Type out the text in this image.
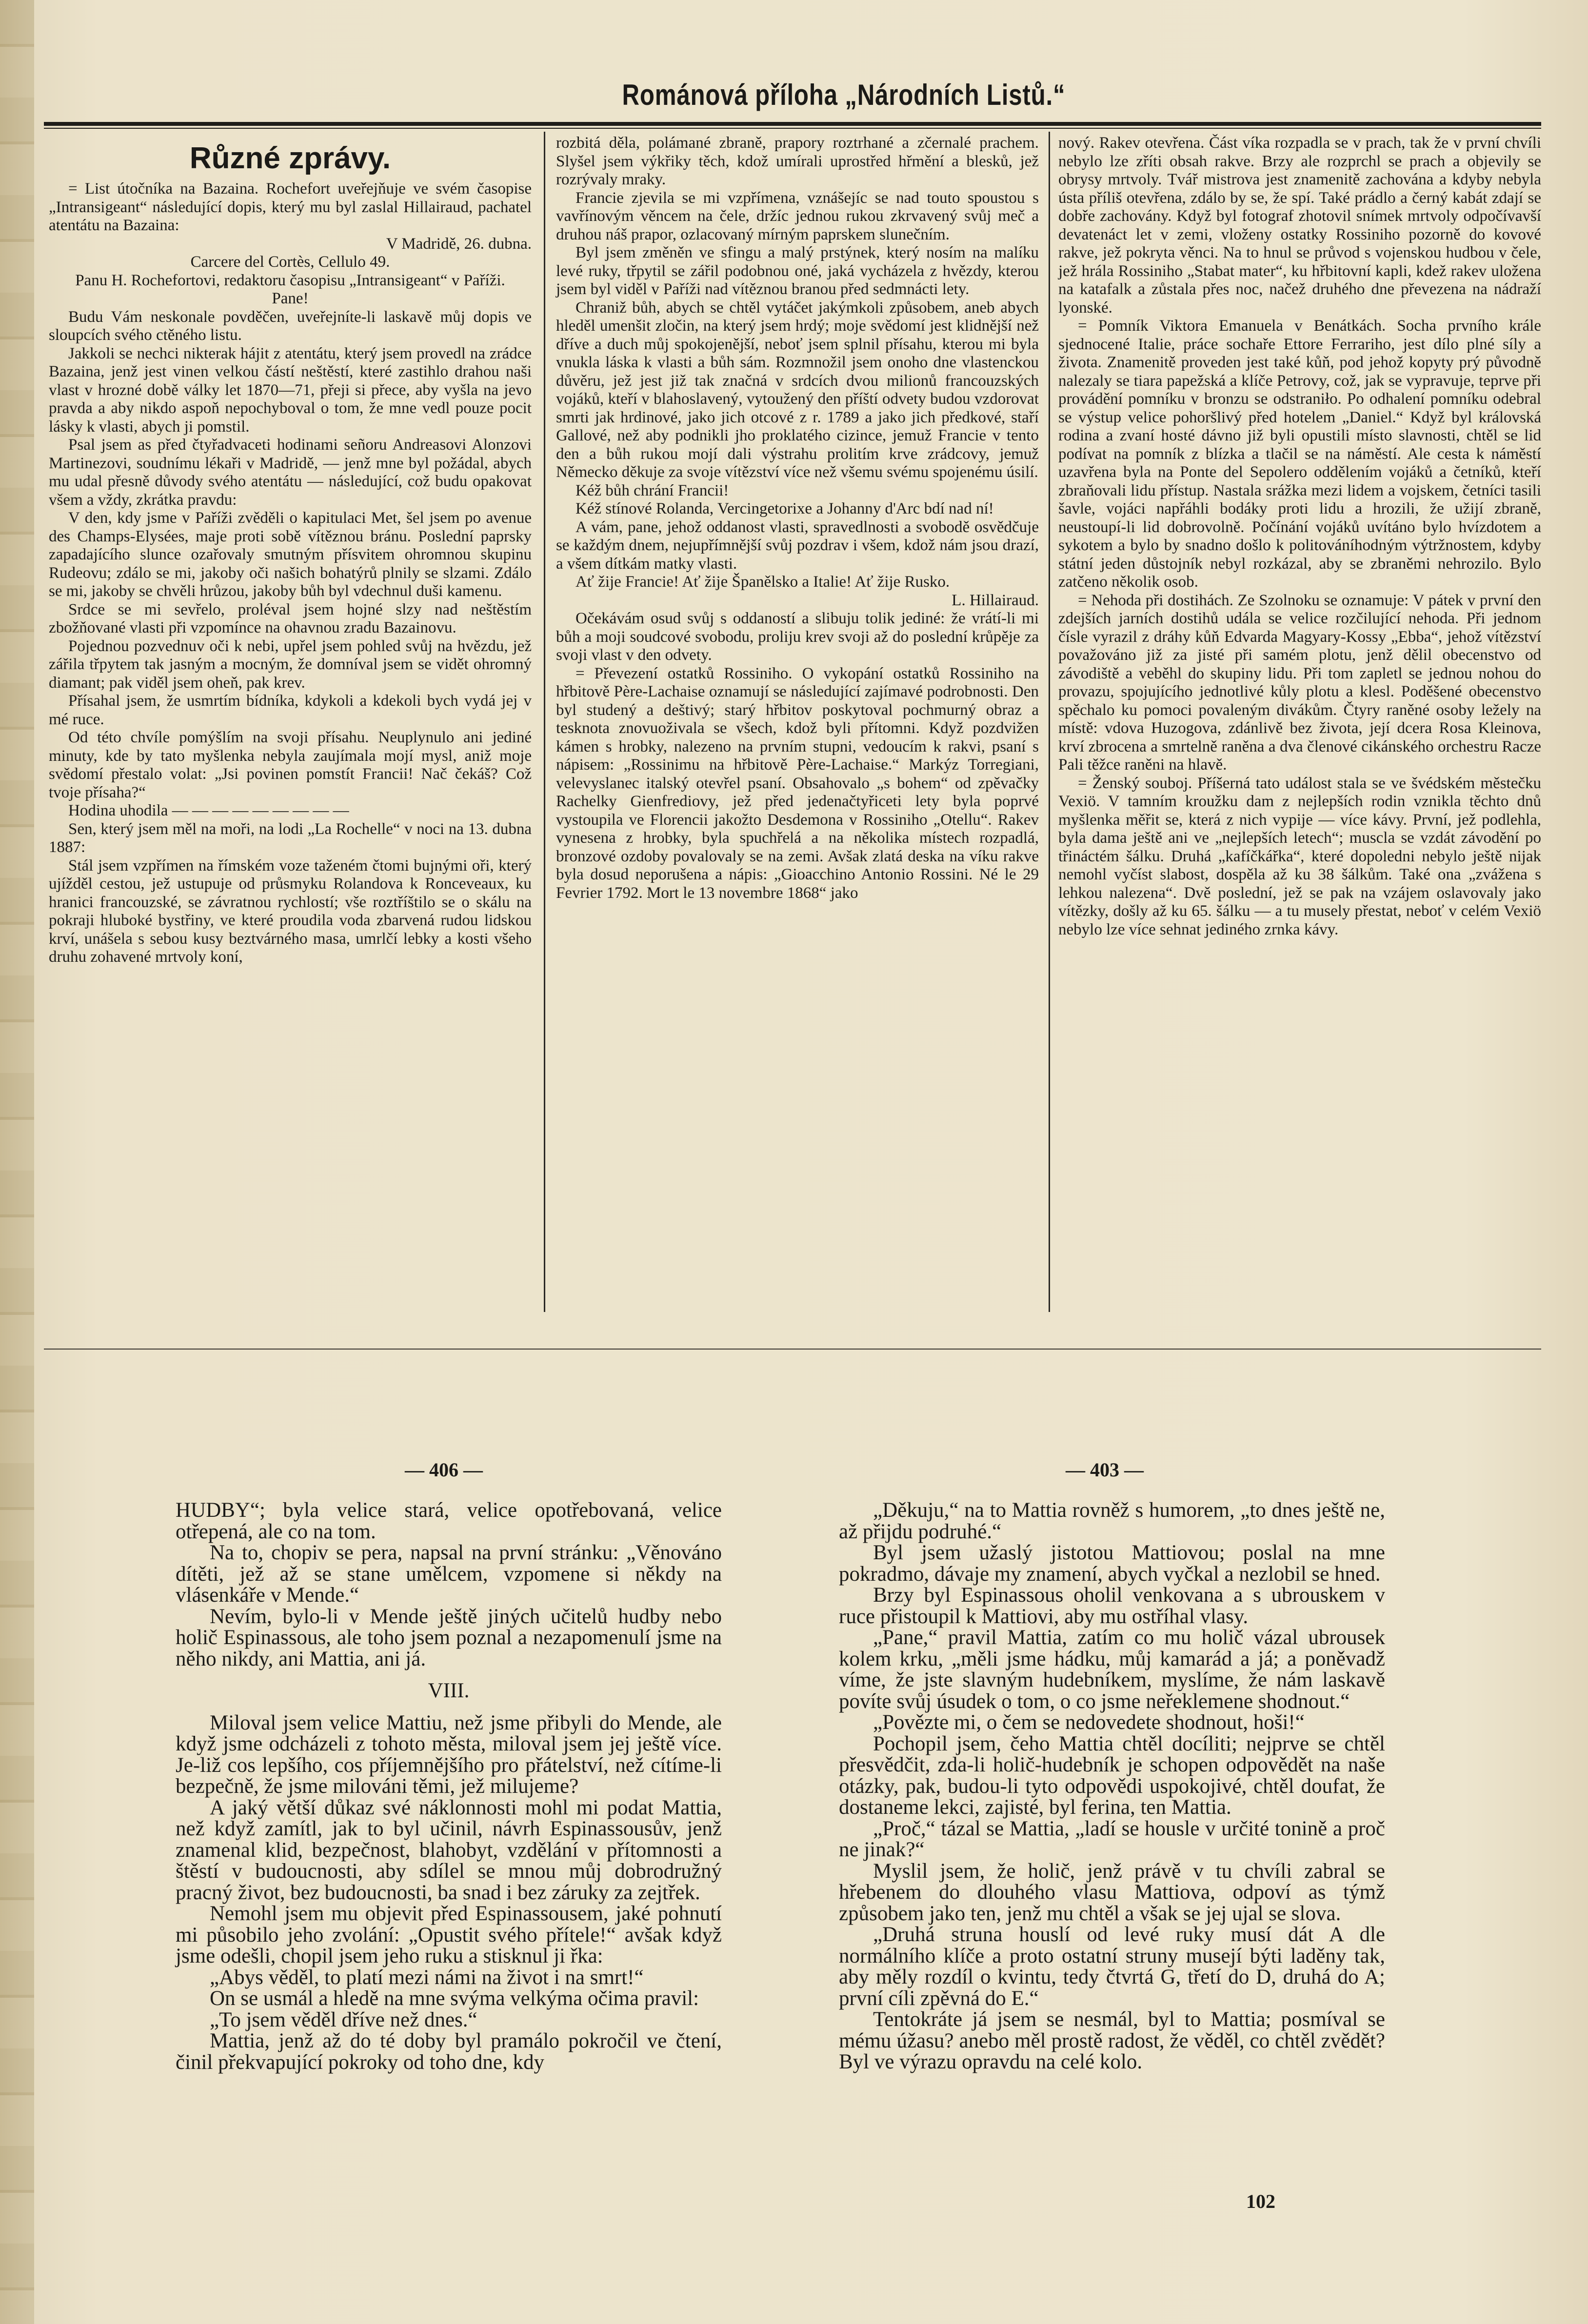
Románová příloha „Národních Listů.“
Různé zprávy.

= List útočníka na Bazaina. Rochefort uveřejňuje ve svém časopise „Intransigeant“ následující dopis, který mu byl zaslal Hillairaud, pachatel atentátu na Bazaina:

V Madridě, 26. dubna.

Carcere del Cortès, Cellulo 49.

Panu H. Rochefortovi, redaktoru časopisu „Intransigeant“ v Paříži.

Pane!

Budu Vám neskonale povděčen, uveřejníte-li laskavě můj dopis ve sloupcích svého ctěného listu.

Jakkoli se nechci nikterak hájit z atentátu, který jsem provedl na zrádce Bazaina, jenž jest vinen velkou částí neštěstí, které zastihlo drahou naši vlast v hrozné době války let 1870—71, přeji si přece, aby vyšla na jevo pravda a aby nikdo aspoň nepochyboval o tom, že mne vedl pouze pocit lásky k vlasti, abych ji pomstil.

Psal jsem as před čtyřadvaceti hodinami señoru Andreasovi Alonzovi Martinezovi, soudnímu lékaři v Madridě, — jenž mne byl požádal, abych mu udal přesně důvody svého atentátu — následující, což budu opakovat všem a vždy, zkrátka pravdu:

V den, kdy jsme v Paříži zvěděli o kapitulaci Met, šel jsem po avenue des Champs-Elysées, maje proti sobě vítěznou bránu. Poslední paprsky zapadajícího slunce ozařovaly smutným přísvitem ohromnou skupinu Rudeovu; zdálo se mi, jakoby oči našich bohatýrů plnily se slzami. Zdálo se mi, jakoby se chvěli hrůzou, jakoby bůh byl vdechnul duši kamenu.

Srdce se mi sevřelo, proléval jsem hojné slzy nad neštěstím zbožňované vlasti při vzpomínce na ohavnou zradu Bazainovu.

Pojednou pozvednuv oči k nebi, upřel jsem pohled svůj na hvězdu, jež zářila třpytem tak jasným a mocným, že domníval jsem se vidět ohromný diamant; pak viděl jsem oheň, pak krev.

Přísahal jsem, že usmrtím bídníka, kdykoli a kdekoli bych vydá jej v mé ruce.

Od této chvíle pomýšlím na svoji přísahu. Neuplynulo ani jediné minuty, kde by tato myšlenka nebyla zaujímala mojí mysl, aniž moje svědomí přestalo volat: „Jsi povinen pomstít Francii! Nač čekáš? Což tvoje přísaha?“

Hodina uhodila — — — — — — — — —

Sen, který jsem měl na moři, na lodi „La Rochelle“ v noci na 13. dubna 1887:

Stál jsem vzpřímen na římském voze taženém čtomi bujnými oři, který ujížděl cestou, jež ustupuje od průsmyku Rolandova k Ronceveaux, ku hranici francouzské, se závratnou rychlostí; vše roztříštilo se o skálu na pokraji hluboké bystřiny, ve které proudila voda zbarvená rudou lidskou krví, unášela s sebou kusy beztvárného masa, umrlčí lebky a kosti všeho druhu zohavené mrtvoly koní,

rozbitá děla, polámané zbraně, prapory roztrhané a zčernalé prachem. Slyšel jsem výkřiky těch, kdož umírali uprostřed hřmění a blesků, jež rozrývaly mraky.

Francie zjevila se mi vzpřímena, vznášejíc se nad touto spoustou s vavřínovým věncem na čele, držíc jednou rukou zkrvavený svůj meč a druhou náš prapor, ozlacovaný mírným paprskem slunečním.

Byl jsem změněn ve sfingu a malý prstýnek, který nosím na malíku levé ruky, třpytil se zářil podobnou oné, jaká vycházela z hvězdy, kterou jsem byl viděl v Paříži nad vítěznou branou před sedmnácti lety.

Chraniž bůh, abych se chtěl vytáčet jakýmkoli způsobem, aneb abych hleděl umenšit zločin, na který jsem hrdý; moje svědomí jest klidnější než dříve a duch můj spokojenější, neboť jsem splnil přísahu, kterou mi byla vnukla láska k vlasti a bůh sám. Rozmnožil jsem onoho dne vlastenckou důvěru, jež jest již tak značná v srdcích dvou milionů francouzských vojáků, kteří v blahoslavený, vytoužený den příští odvety budou vzdorovat smrti jak hrdinové, jako jich otcové z r. 1789 a jako jich předkové, staří Gallové, než aby podnikli jho proklatého cizince, jemuž Francie v tento den a bůh rukou mojí dali výstrahu prolitím krve zrádcovy, jemuž Německo děkuje za svoje vítězství více než všemu svému spojenému úsilí.

Kéž bůh chrání Francii!

Kéž stínové Rolanda, Vercingetorixe a Johanny d'Arc bdí nad ní!

A vám, pane, jehož oddanost vlasti, spravedlnosti a svobodě osvědčuje se každým dnem, nejupřímnější svůj pozdrav i všem, kdož nám jsou drazí, a všem dítkám matky vlasti.

Ať žije Francie! Ať žije Španělsko a Italie! Ať žije Rusko.

L. Hillairaud.

Očekávám osud svůj s oddaností a slibuju tolik jediné: že vrátí-li mi bůh a moji soudcové svobodu, proliju krev svoji až do poslední krůpěje za svoji vlast v den odvety.

= Převezení ostatků Rossiniho. O vykopání ostatků Rossiniho na hřbitově Père-Lachaise oznamují se následující zajímavé podrobnosti. Den byl studený a deštivý; starý hřbitov poskytoval pochmurný obraz a tesknota znovuoživala se všech, kdož byli přítomni. Když pozdvižen kámen s hrobky, nalezeno na prvním stupni, vedoucím k rakvi, psaní s nápisem: „Rossinimu na hřbitově Père-Lachaise.“ Markýz Torregiani, velevyslanec italský otevřel psaní. Obsahovalo „s bohem“ od zpěvačky Rachelky Gienfrediovy, jež před jedenačtyřiceti lety byla poprvé vystoupila ve Florencii jakožto Desdemona v Rossiniho „Otellu“. Rakev vynesena z hrobky, byla spuchřelá a na několika místech rozpadlá, bronzové ozdoby povalovaly se na zemi. Avšak zlatá deska na víku rakve byla dosud neporušena a nápis: „Gioacchino Antonio Rossini. Né le 29 Fevrier 1792. Mort le 13 novembre 1868“ jako

nový. Rakev otevřena. Část víka rozpadla se v prach, tak že v první chvíli nebylo lze zříti obsah rakve. Brzy ale rozprchl se prach a objevily se obrysy mrtvoly. Tvář mistrova jest znamenitě zachována a kdyby nebyla ústa příliš otevřena, zdálo by se, že spí. Také prádlo a černý kabát zdají se dobře zachovány. Když byl fotograf zhotovil snímek mrtvoly odpočívavší devatenáct let v zemi, vloženy ostatky Rossiniho pozorně do kovové rakve, jež pokryta věnci. Na to hnul se průvod s vojenskou hudbou v čele, jež hrála Rossiniho „Stabat mater“, ku hřbitovní kapli, kdež rakev uložena na katafalk a zůstala přes noc, načež druhého dne převezena na nádraží lyonské.

= Pomník Viktora Emanuela v Benátkách. Socha prvního krále sjednocené Italie, práce sochaře Ettore Ferrariho, jest dílo plné síly a života. Znamenitě proveden jest také kůň, pod jehož kopyty prý původně nalezaly se tiara papežská a klíče Petrovy, což, jak se vypravuje, teprve při provádění pomníku v bronzu se odstraniło. Po odhalení pomníku odebral se výstup velice pohoršlivý před hotelem „Daniel.“ Když byl královská rodina a zvaní hosté dávno již byli opustili místo slavnosti, chtěl se lid podívat na pomník z blízka a tlačil se na náměstí. Ale cesta k náměstí uzavřena byla na Ponte del Sepolero oddělením vojáků a četníků, kteří zbraňovali lidu přístup. Nastala srážka mezi lidem a vojskem, četníci tasili šavle, vojáci napřáhli bodáky proti lidu a hrozili, že užijí zbraně, neustoupí-li lid dobrovolně. Počínání vojáků uvítáno bylo hvízdotem a sykotem a bylo by snadno došlo k politováníhodným výtržnostem, kdyby státní jeden důstojník nebyl rozkázal, aby se zbraněmi nehrozilo. Bylo zatčeno několik osob.

= Nehoda při dostihách. Ze Szolnoku se oznamuje: V pátek v první den zdejších jarních dostihů udála se velice rozčilující nehoda. Při jednom čísle vyrazil z dráhy kůň Edvarda Magyary-Kossy „Ebba“, jehož vítězství považováno již za jisté při samém plotu, jenž dělil obecenstvo od závodiště a veběhl do skupiny lidu. Při tom zapletl se jednou nohou do provazu, spojujícího jednotlivé kůly plotu a klesl. Poděšené obecenstvo spěchalo ku pomoci povaleným divákům. Čtyry raněné osoby ležely na místě: vdova Huzogova, zdánlivě bez života, její dcera Rosa Kleinova, krví zbrocena a smrtelně raněna a dva členové cikánského orchestru Racze Pali těžce raněni na hlavě.

= Ženský souboj. Příšerná tato událost stala se ve švédském městečku Vexiö. V tamním kroužku dam z nejlepších rodin vznikla těchto dnů myšlenka měřit se, která z nich vypije — více kávy. První, jež podlehla, byla dama ještě ani ve „nejlepších letech“; muscla se vzdát závodění po třináctém šálku. Druhá „kafíčkářka“, které dopoledni nebylo ještě nijak nemohl vyčíst slabost, dospěla až ku 38 šálkům. Také ona „zvážena s lehkou nalezena“. Dvě poslední, jež se pak na vzájem oslavovaly jako vítězky, došly až ku 65. šálku — a tu musely přestat, neboť v celém Vexiö nebylo lze více sehnat jediného zrnka kávy.

— 406 —	— 403 —

HUDBY“; byla velice stará, velice opotřebovaná, velice otřepená, ale co na tom.

Na to, chopiv se pera, napsal na první stránku: „Věnováno dítěti, jež až se stane umělcem, vzpomene si někdy na vlásenkáře v Mende.“

Nevím, bylo-li v Mende ještě jiných učitelů hudby nebo holič Espinassous, ale toho jsem poznal a nezapomenulí jsme na něho nikdy, ani Mattia, ani já.

VIII.

Miloval jsem velice Mattiu, než jsme přibyli do Mende, ale když jsme odcházeli z tohoto města, miloval jsem jej ještě více. Je-liž cos lepšího, cos příjemnějšího pro přátelství, než cítíme-li bezpečně, že jsme milováni těmi, jež milujeme?

A jaký větší důkaz své náklonnosti mohl mi podat Mattia, než když zamítl, jak to byl učinil, návrh Espinassousův, jenž znamenal klid, bezpečnost, blahobyt, vzdělání v přítomnosti a štěstí v budoucnosti, aby sdílel se mnou můj dobrodružný pracný život, bez budoucnosti, ba snad i bez záruky za zejtřek.

Nemohl jsem mu objevit před Espinassousem, jaké pohnutí mi působilo jeho zvolání: „Opustit svého přítele!“ avšak když jsme odešli, chopil jsem jeho ruku a stisknul ji řka:

„Abys věděl, to platí mezi námi na život i na smrt!“

On se usmál a hledě na mne svýma velkýma očima pravil:

„To jsem věděl dříve než dnes.“

Mattia, jenž až do té doby byl pramálo pokročil ve čtení, činil překvapující pokroky od toho dne, kdy

„Děkuju,“ na to Mattia rovněž s humorem, „to dnes ještě ne, až přijdu podruhé.“

Byl jsem užaslý jistotou Mattiovou; poslal na mne pokradmo, dávaje my znamení, abych vyčkal a nezlobil se hned.

Brzy byl Espinassous oholil venkovana a s ubrouskem v ruce přistoupil k Mattiovi, aby mu ostříhal vlasy.

„Pane,“ pravil Mattia, zatím co mu holič vázal ubrousek kolem krku, „měli jsme hádku, můj kamarád a já; a poněvadž víme, že jste slavným hudebníkem, myslíme, že nám laskavě povíte svůj úsudek o tom, o co jsme neřeklemene shodnout.“

„Povězte mi, o čem se nedovedete shodnout, hoši!“

Pochopil jsem, čeho Mattia chtěl docíliti; nejprve se chtěl přesvědčit, zda-li holič-hudebník je schopen odpovědět na naše otázky, pak, budou-li tyto odpovědi uspokojivé, chtěl doufat, že dostaneme lekci, zajisté, byl ferina, ten Mattia.

„Proč,“ tázal se Mattia, „ladí se housle v určité tonině a proč ne jinak?“

Myslil jsem, že holič, jenž právě v tu chvíli zabral se hřebenem do dlouhého vlasu Mattiova, odpoví as týmž způsobem jako ten, jenž mu chtěl a však se jej ujal se slova.

„Druhá struna houslí od levé ruky musí dát A dle normálního klíče a proto ostatní struny musejí býti laděny tak, aby měly rozdíl o kvintu, tedy čtvrtá G, třetí do D, druhá do A; první cíli zpěvná do E.“

Tentokráte já jsem se nesmál, byl to Mattia; posmíval se mému úžasu? anebo měl prostě radost, že věděl, co chtěl zvědět? Byl ve výrazu opravdu na celé kolo.

102
